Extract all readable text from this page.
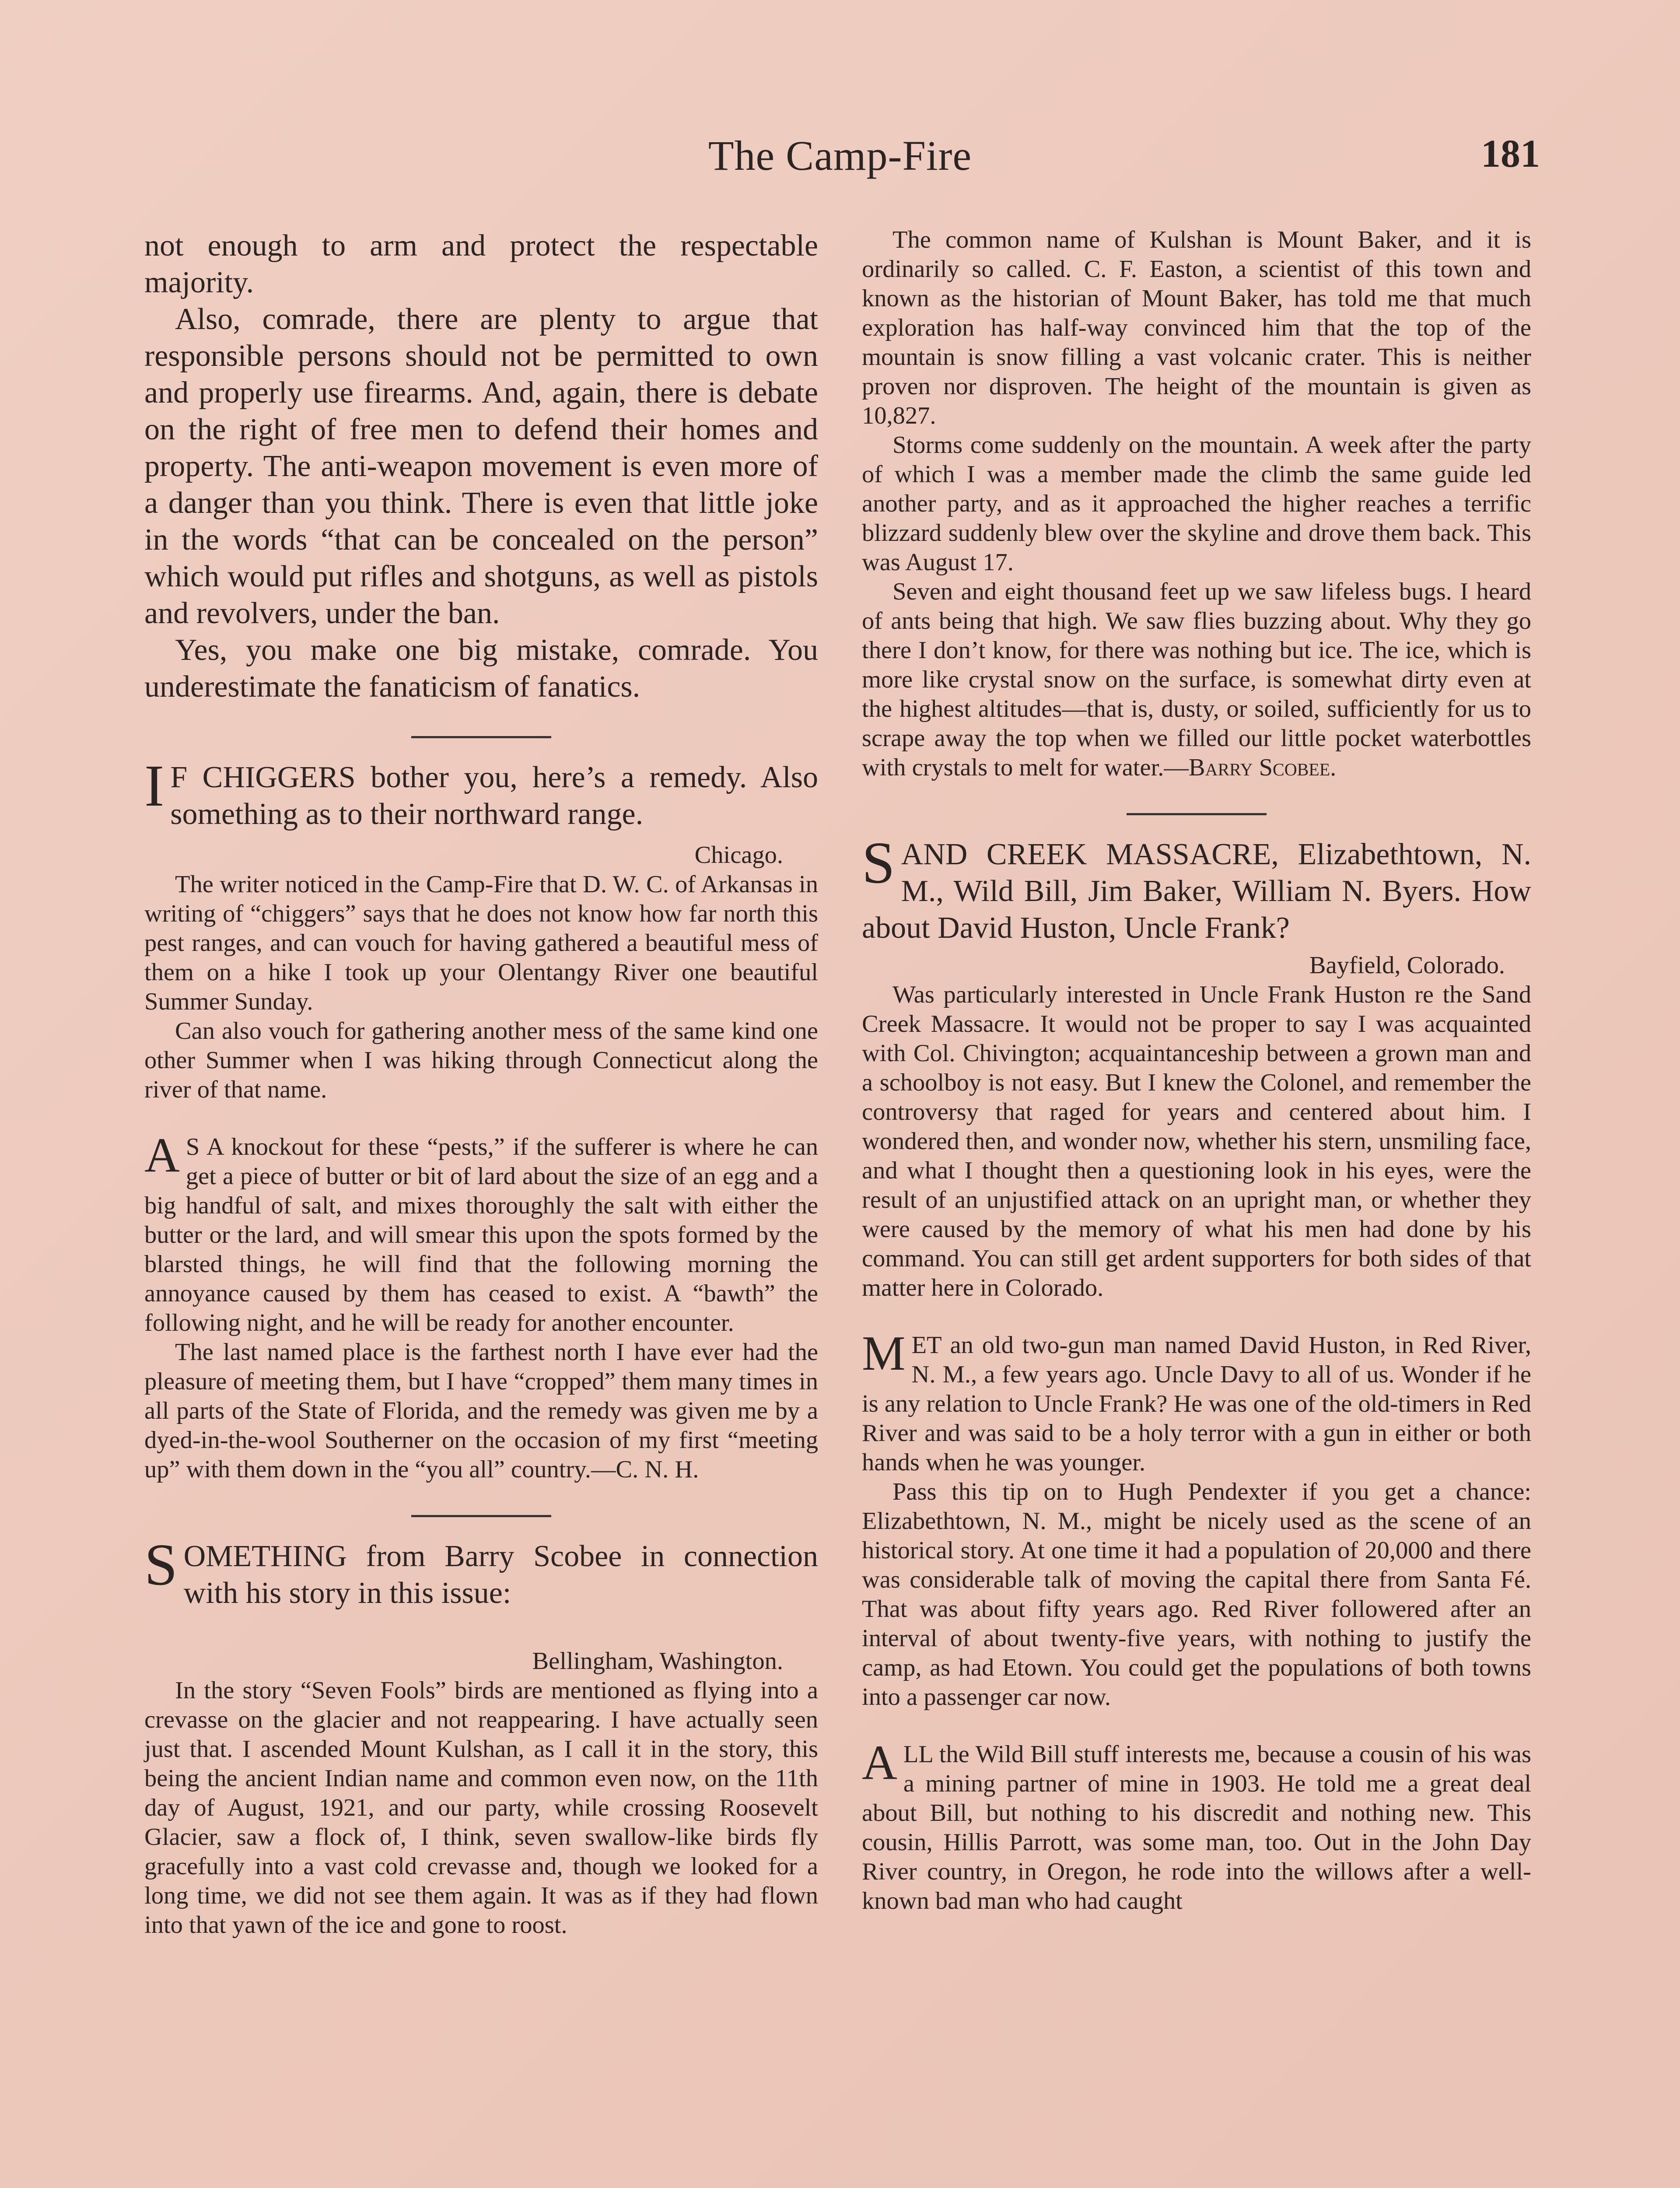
The Camp-Fire	181

not enough to arm and protect the respectable majority.

Also, comrade, there are plenty to argue that responsible persons should not be permitted to own and properly use firearms. And, again, there is debate on the right of free men to defend their homes and property. The anti-weapon movement is even more of a danger than you think. There is even that little joke in the words “that can be concealed on the person” which would put rifles and shotguns, as well as pistols and revolvers, under the ban.

Yes, you make one big mistake, comrade. You underestimate the fanaticism of fanatics.

I F CHIGGERS bother you, here’s a remedy. Also something as to their northward range.

Chicago.

The writer noticed in the Camp-Fire that D. W. C. of Arkansas in writing of “chiggers” says that he does not know how far north this pest ranges, and can vouch for having gathered a beautiful mess of them on a hike I took up your Olentangy River one beautiful Summer Sunday.

Can also vouch for gathering another mess of the same kind one other Summer when I was hiking through Connecticut along the river of that name.

A S A knockout for these “pests,” if the sufferer is where he can get a piece of butter or bit of lard about the size of an egg and a big handful of salt, and mixes thoroughly the salt with either the butter or the lard, and will smear this upon the spots formed by the blarsted things, he will find that the following morning the annoyance caused by them has ceased to exist. A “bawth” the following night, and he will be ready for another encounter.

The last named place is the farthest north I have ever had the pleasure of meeting them, but I have “cropped” them many times in all parts of the State of Florida, and the remedy was given me by a dyed-in-the-wool Southerner on the occasion of my first “meeting up” with them down in the “you all” country.—C. N. H.

SOMETHING from Barry Scobee in connection with his story in this issue:

Bellingham, Washington.

In the story “Seven Fools” birds are mentioned as flying into a crevasse on the glacier and not reappearing. I have actually seen just that. I ascended Mount Kulshan, as I call it in the story, this being the ancient Indian name and common even now, on the 11th day of August, 1921, and our party, while crossing Roosevelt Glacier, saw a flock of, I think, seven swallow-like birds fly gracefully into a vast cold crevasse and, though we looked for a long time, we did not see them again. It was as if they had flown into that yawn of the ice and gone to roost.

The common name of Kulshan is Mount Baker, and it is ordinarily so called. C. F. Easton, a scientist of this town and known as the historian of Mount Baker, has told me that much exploration has half-way convinced him that the top of the mountain is snow filling a vast volcanic crater. This is neither proven nor disproven. The height of the mountain is given as 10,827.

Storms come suddenly on the mountain. A week after the party of which I was a member made the climb the same guide led another party, and as it approached the higher reaches a terrific blizzard suddenly blew over the skyline and drove them back. This was August 17.

Seven and eight thousand feet up we saw lifeless bugs. I heard of ants being that high. We saw flies buzzing about. Why they go there I don’t know, for there was nothing but ice. The ice, which is more like crystal snow on the surface, is somewhat dirty even at the highest altitudes—that is, dusty, or soiled, sufficiently for us to scrape away the top when we filled our little pocket waterbottles with crystals to melt for water.—Barry Scobee.

SAND CREEK MASSACRE, Elizabethtown, N. M., Wild Bill, Jim Baker, William N. Byers. How about David Huston, Uncle Frank?

Bayfield, Colorado.

Was particularly interested in Uncle Frank Huston re the Sand Creek Massacre. It would not be proper to say I was acquainted with Col. Chivington; acquaintanceship between a grown man and a schoolboy is not easy. But I knew the Colonel, and remember the controversy that raged for years and centered about him. I wondered then, and wonder now, whether his stern, unsmiling face, and what I thought then a questioning look in his eyes, were the result of an unjustified attack on an upright man, or whether they were caused by the memory of what his men had done by his command. You can still get ardent supporters for both sides of that matter here in Colorado.

MET an old two-gun man named David Huston, in Red River, N. M., a few years ago. Uncle Davy to all of us. Wonder if he is any relation to Uncle Frank? He was one of the old-timers in Red River and was said to be a holy terror with a gun in either or both hands when he was younger.

Pass this tip on to Hugh Pendexter if you get a chance: Elizabethtown, N. M., might be nicely used as the scene of an historical story. At one time it had a population of 20,000 and there was considerable talk of moving the capital there from Santa Fé. That was about fifty years ago. Red River followered after an interval of about twenty-five years, with nothing to justify the camp, as had Etown. You could get the populations of both towns into a passenger car now.

ALL the Wild Bill stuff interests me, because a cousin of his was a mining partner of mine in 1903. He told me a great deal about Bill, but nothing to his discredit and nothing new. This cousin, Hillis Parrott, was some man, too. Out in the John Day River country, in Oregon, he rode into the willows after a well-known bad man who had caught
